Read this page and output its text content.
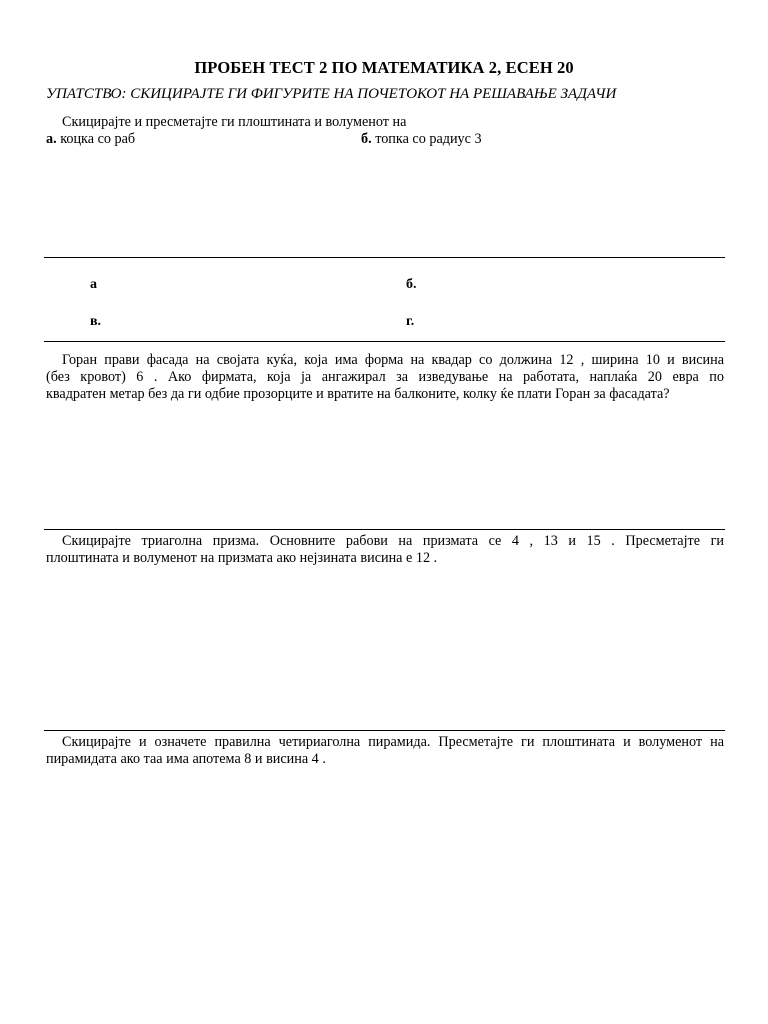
ПРОБЕН ТЕСТ 2 ПО МАТЕМАТИКА 2, ЕСЕН 20
УПАТСТВО: СКИЦИРАЈТЕ ГИ ФИГУРИТЕ НА ПОЧЕТОКОТ НА РЕШАВАЊЕ ЗАДАЧИ
Скицирајте и пресметајте ги плоштината и волуменот на
а. коцка со раб	б. топка со радиус 3
а	б.
в.	г.
Горан прави фасада на својата куќа, која има форма на квадар со должина 12 , ширина 10 и висина
(без кровот) 6 . Ако фирмата, која ја ангажирал за изведување на работата, наплаќа 20 евра по
квадратен метар без да ги одбие прозорците и вратите на балконите, колку ќе плати Горан за фасадата?
Скицирајте триаголна призма. Основните рабови на призмата се 4 , 13 и 15 . Пресметајте ги
плоштината и волуменот на призмата ако нејзината висина е 12 .
Скицирајте и означете правилна четириаголна пирамида. Пресметајте ги плоштината и волуменот на
пирамидата ако таа има апотема 8 и висина 4 .
